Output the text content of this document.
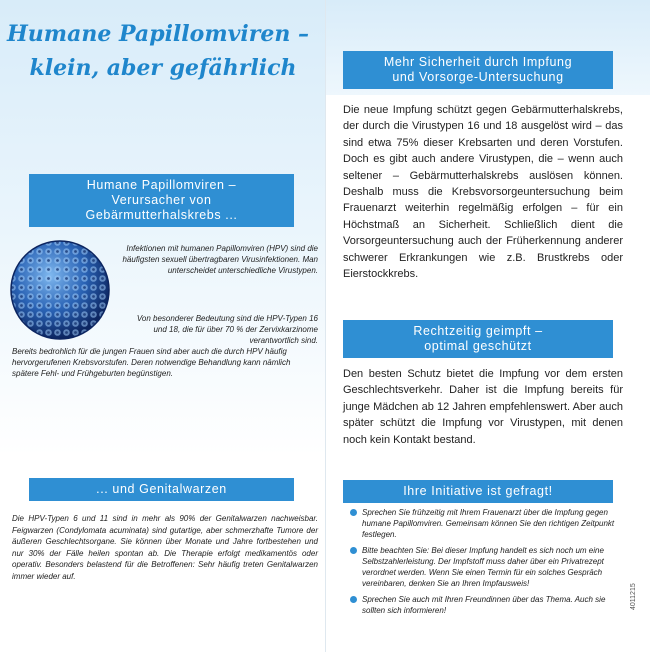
Humane Papillomviren –
klein, aber gefährlich
Humane Papillomviren –
Verursacher von
Gebärmutterhalskrebs ...
Infektionen mit humanen Papillomviren (HPV) sind die häufigsten sexuell übertragbaren Virusinfektionen. Man unterscheidet unterschiedliche Virustypen.
Von besonderer Bedeutung sind die HPV-Typen 16 und 18, die für über 70 % der Zervixkarzinome verantwortlich sind.
Bereits bedrohlich für die jungen Frauen sind aber auch die durch HPV häufig hervorgerufenen Krebsvorstufen. Deren notwendige Behandlung kann nämlich spätere Fehl- und Frühgeburten begünstigen.
... und Genitalwarzen
Die HPV-Typen 6 und 11 sind in mehr als 90% der Genitalwarzen nachweisbar. Feigwarzen (Condylomata acuminata) sind gutartige, aber schmerzhafte Tumore der äußeren Geschlechtsorgane. Sie können über Monate und Jahre fortbestehen und nur 30% der Fälle heilen spontan ab. Die Therapie erfolgt medikamentös oder operativ. Besonders belastend für die Betroffenen: Sehr häufig treten Genitalwarzen immer wieder auf.
Mehr Sicherheit durch Impfung
und Vorsorge-Untersuchung
Die neue Impfung schützt gegen Gebärmutterhalskrebs, der durch die Virustypen 16 und 18 ausgelöst wird – das sind etwa 75% dieser Krebsarten und deren Vorstufen. Doch es gibt auch andere Virustypen, die – wenn auch seltener – Gebärmutterhalskrebs auslösen können. Deshalb muss die Krebsvorsorgeuntersuchung beim Frauenarzt weiterhin regelmäßig erfolgen – für ein Höchstmaß an Sicherheit. Schließlich dient die Vorsorgeuntersuchung auch der Früherkennung anderer schwerer Erkrankungen wie z.B. Brustkrebs oder Eierstockkrebs.
Rechtzeitig geimpft –
optimal geschützt
Den besten Schutz bietet die Impfung vor dem ersten Geschlechtsverkehr. Daher ist die Impfung bereits für junge Mädchen ab 12 Jahren empfehlenswert. Aber auch später schützt die Impfung vor Virustypen, mit denen noch kein Kontakt bestand.
Ihre Initiative ist gefragt!
Sprechen Sie frühzeitig mit Ihrem Frauenarzt über die Impfung gegen humane Papillomviren. Gemeinsam können Sie den richtigen Zeitpunkt festlegen.
Bitte beachten Sie: Bei dieser Impfung handelt es sich noch um eine Selbstzahlerleistung. Der Impfstoff muss daher über ein Privatrezept verordnet werden. Wenn Sie einen Termin für ein solches Gespräch vereinbaren, denken Sie an Ihren Impfausweis!
Sprechen Sie auch mit Ihren Freundinnen über das Thema. Auch sie sollten sich informieren!
4011215
